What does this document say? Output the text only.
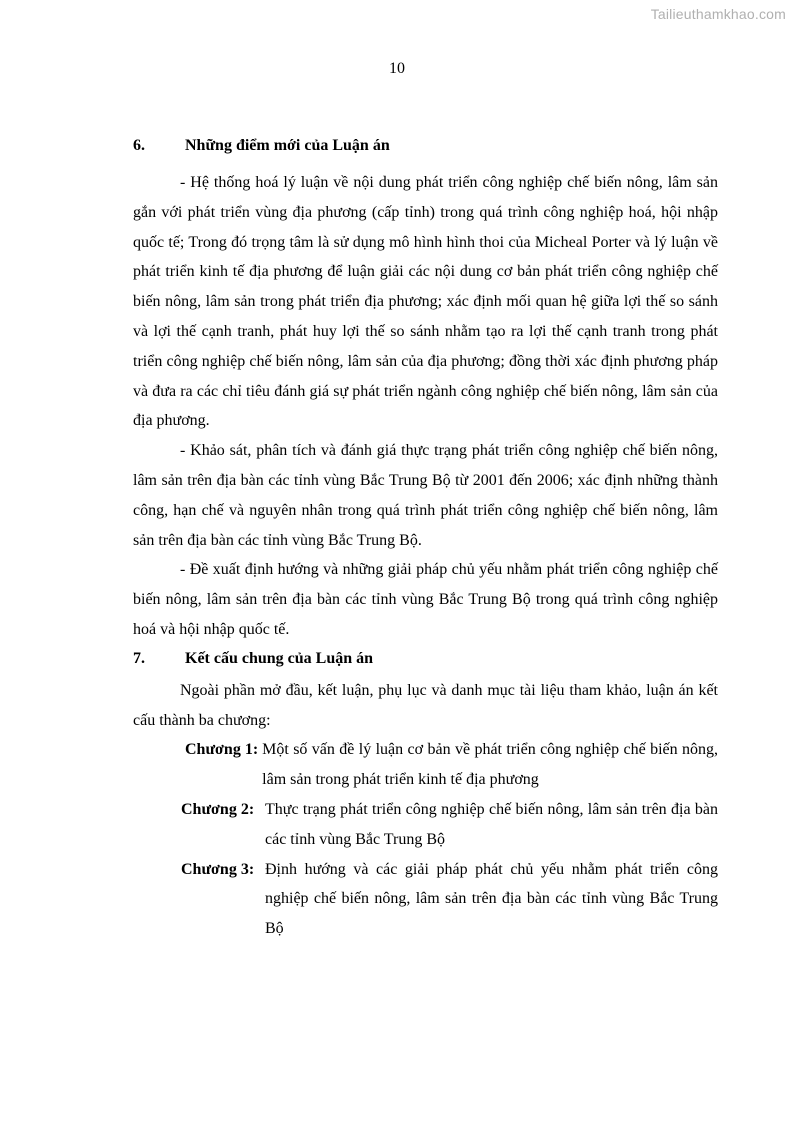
Tailieuthamkhao.com
10
6.	Những điểm mới của Luận án

- Hệ thống hoá lý luận về nội dung phát triển công nghiệp chế biến nông, lâm sản gắn với phát triển vùng địa phương (cấp tỉnh) trong quá trình công nghiệp hoá, hội nhập quốc tế; Trong đó trọng tâm là sử dụng mô hình hình thoi của Micheal Porter và lý luận về phát triển kinh tế địa phương để luận giải các nội dung cơ bản phát triển công nghiệp chế biến nông, lâm sản trong phát triển địa phương; xác định mối quan hệ giữa lợi thế so sánh và lợi thế cạnh tranh, phát huy lợi thế so sánh nhằm tạo ra lợi thế cạnh tranh trong phát triển công nghiệp chế biến nông, lâm sản của địa phương; đồng thời xác định phương pháp và đưa ra các chỉ tiêu đánh giá sự phát triển ngành công nghiệp chế biến nông, lâm sản của địa phương.

- Khảo sát, phân tích và đánh giá thực trạng phát triển công nghiệp chế biến nông, lâm sản trên địa bàn các tỉnh vùng Bắc Trung Bộ từ 2001 đến 2006; xác định những thành công, hạn chế và nguyên nhân trong quá trình phát triển công nghiệp chế biến nông, lâm sản trên địa bàn các tỉnh vùng Bắc Trung Bộ.

- Đề xuất định hướng và những giải pháp chủ yếu nhằm phát triển công nghiệp chế biến nông, lâm sản trên địa bàn các tỉnh vùng Bắc Trung Bộ trong quá trình công nghiệp hoá và hội nhập quốc tế.

7.	Kết cấu chung của Luận án

Ngoài phần mở đầu, kết luận, phụ lục và danh mục tài liệu tham khảo, luận án kết cấu thành ba chương:

Chương 1: Một số vấn đề lý luận cơ bản về phát triển công nghiệp chế biến nông, lâm sản trong phát triển kinh tế địa phương
Chương 2: Thực trạng phát triển công nghiệp chế biến nông, lâm sản trên địa bàn các tỉnh vùng Bắc Trung Bộ
Chương 3: Định hướng và các giải pháp phát chủ yếu nhằm phát triển công nghiệp chế biến nông, lâm sản trên địa bàn các tỉnh vùng Bắc Trung Bộ
